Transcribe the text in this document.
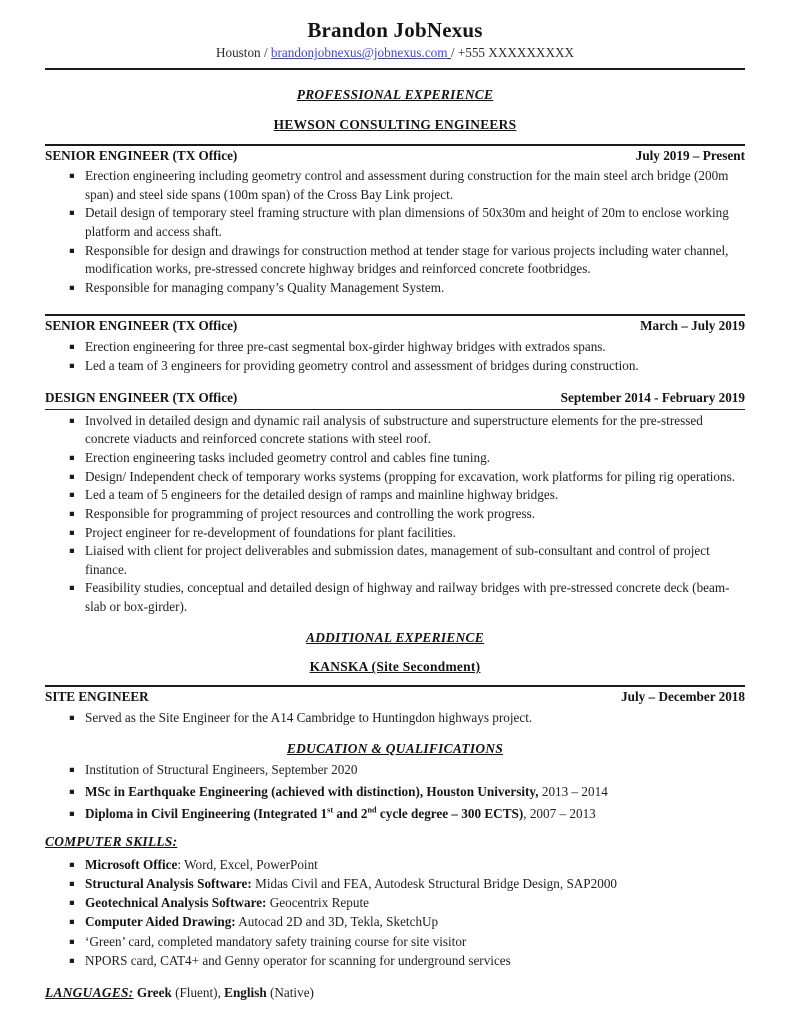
Brandon JobNexus
Houston / brandonjobnexus@jobnexus.com / +555 XXXXXXXXX
PROFESSIONAL EXPERIENCE
HEWSON CONSULTING ENGINEERS
SENIOR ENGINEER (TX Office)	July 2019 – Present
▪ Erection engineering including geometry control and assessment during construction for the main steel arch bridge (200m span) and steel side spans (100m span) of the Cross Bay Link project.
▪ Detail design of temporary steel framing structure with plan dimensions of 50x30m and height of 20m to enclose working platform and access shaft.
▪ Responsible for design and drawings for construction method at tender stage for various projects including water channel, modification works, pre-stressed concrete highway bridges and reinforced concrete footbridges.
▪ Responsible for managing company’s Quality Management System.
SENIOR ENGINEER (TX Office)	March – July 2019
▪ Erection engineering for three pre-cast segmental box-girder highway bridges with extrados spans.
▪ Led a team of 3 engineers for providing geometry control and assessment of bridges during construction.
DESIGN ENGINEER (TX Office)	September 2014 - February 2019
▪ Involved in detailed design and dynamic rail analysis of substructure and superstructure elements for the pre-stressed concrete viaducts and reinforced concrete stations with steel roof.
▪ Erection engineering tasks included geometry control and cables fine tuning.
▪ Design/ Independent check of temporary works systems (propping for excavation, work platforms for piling rig operations.
▪ Led a team of 5 engineers for the detailed design of ramps and mainline highway bridges.
▪ Responsible for programming of project resources and controlling the work progress.
▪ Project engineer for re-development of foundations for plant facilities.
▪ Liaised with client for project deliverables and submission dates, management of sub-consultant and control of project finance.
▪ Feasibility studies, conceptual and detailed design of highway and railway bridges with pre-stressed concrete deck (beam-slab or box-girder).
ADDITIONAL EXPERIENCE
KANSKA (Site Secondment)
SITE ENGINEER	July – December 2018
▪ Served as the Site Engineer for the A14 Cambridge to Huntingdon highways project.
EDUCATION & QUALIFICATIONS
▪ Institution of Structural Engineers, September 2020
▪ MSc in Earthquake Engineering (achieved with distinction), Houston University, 2013 – 2014
▪ Diploma in Civil Engineering (Integrated 1st and 2nd cycle degree – 300 ECTS), 2007 – 2013
COMPUTER SKILLS:
▪ Microsoft Office: Word, Excel, PowerPoint
▪ Structural Analysis Software: Midas Civil and FEA, Autodesk Structural Bridge Design, SAP2000
▪ Geotechnical Analysis Software: Geocentrix Repute
▪ Computer Aided Drawing: Autocad 2D and 3D, Tekla, SketchUp
▪ ‘Green’ card, completed mandatory safety training course for site visitor
▪ NPORS card, CAT4+ and Genny operator for scanning for underground services
LANGUAGES: Greek (Fluent), English (Native)
